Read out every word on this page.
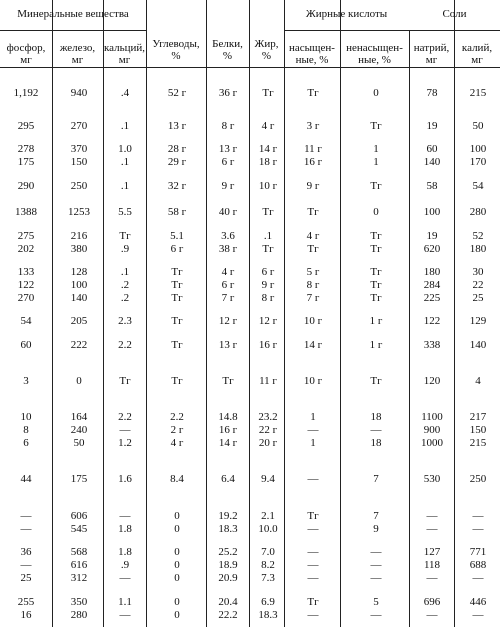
Минеральные вещества	Жирные кислоты	Соли
фосфор,
мг
железо,
мг
кальций,
мг
Углеводы,
%
Белки,
%
Жир,
%
насыщен-
ные, %
ненасыщен-
ные, %
натрий,
мг
калий,
мг
1,192	940	.4	52 г	36 г	Тг	Тг	0	78	215
295	270	.1	13 г	8 г	4 г	3 г	Тг	19	50
278	370	1.0	28 г	13 г	14 г	11 г	1	60	100
175	150	.1	29 г	6 г	18 г	16 г	1	140	170
290	250	.1	32 г	9 г	10 г	9 г	Тг	58	54
1388	1253	5.5	58 г	40 г	Тг	Тг	0	100	280
275	216	Тг	5.1	3.6	.1	4 г	Тг	19	52
202	380	.9	6 г	38 г	Тг	Тг	Тг	620	180
133	128	.1	Тг	4 г	6 г	5 г	Тг	180	30
122	100	.2	Тг	6 г	9 г	8 г	Тг	284	22
270	140	.2	Тг	7 г	8 г	7 г	Тг	225	25
54	205	2.3	Тг	12 г	12 г	10 г	1 г	122	129
60	222	2.2	Тг	13 г	16 г	14 г	1 г	338	140
3	0	Тг	Тг	Тг	11 г	10 г	Тг	120	4
10	164	2.2	2.2	14.8	23.2	1	18	1100	217
8	240	—	2 г	16 г	22 г	—	—	900	150
6	50	1.2	4 г	14 г	20 г	1	18	1000	215
44	175	1.6	8.4	6.4	9.4	—	7	530	250
—	606	—	0	19.2	2.1	Тг	7	—	—
—	545	1.8	0	18.3	10.0	—	9	—	—
36	568	1.8	0	25.2	7.0	—	—	127	771
—	616	.9	0	18.9	8.2	—	—	118	688
25	312	—	0	20.9	7.3	—	—	—	—
255	350	1.1	0	20.4	6.9	Тг	5	696	446
16	280	—	0	22.2	18.3	—	—	—	—
